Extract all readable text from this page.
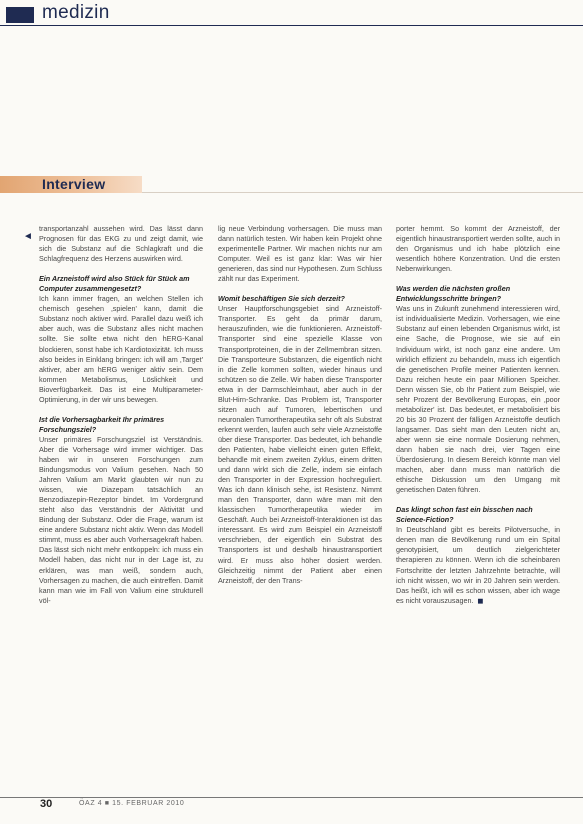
medizin
Interview
◄

transportanzahl aussehen wird. Das lässt dann Prognosen für das EKG zu und zeigt damit, wie sich die Substanz auf die Schlagkraft und die Schlagfrequenz des Herzens auswirken wird.

Ein Arzneistoff wird also Stück für Stück am Computer zusammengesetzt?

Ich kann immer fragen, an welchen Stellen ich chemisch gesehen ‚spielen' kann, damit die Substanz noch aktiver wird. Parallel dazu weiß ich aber auch, was die Substanz alles nicht machen sollte. Sie sollte etwa nicht den hERG-Kanal blockieren, sonst habe ich Kardiotoxizität. Ich muss also beides in Einklang bringen: ich will am ‚Target' aktiver, aber am hERG weniger aktiv sein. Dem kommen Metabolismus, Löslichkeit und Bioverfügbarkeit. Das ist eine Multiparameter-Optimierung, in der wir uns bewegen.

Ist die Vorhersagbarkeit Ihr primäres Forschungsziel?

Unser primäres Forschungsziel ist Verständnis. Aber die Vorhersage wird immer wichtiger. Das haben wir in unseren Forschungen zum Bindungsmodus von Valium gesehen. Nach 50 Jahren Valium am Markt glaubten wir nun zu wissen, wie Diazepam tatsächlich an Benzodiazepin-Rezeptor bindet. Im Vordergrund steht also das Verständnis der Aktivität und Bindung der Substanz. Oder die Frage, warum ist eine andere Substanz nicht aktiv. Wenn das Modell stimmt, muss es aber auch Vorhersagekraft haben. Das lässt sich nicht mehr entkoppeln: ich muss ein Modell haben, das nicht nur in der Lage ist, zu erklären, was man weiß, sondern auch, Vorhersagen zu machen, die auch eintreffen. Damit kann man wie im Fall von Valium eine strukturell völ-

lig neue Verbindung vorhersagen. Die muss man dann natürlich testen. Wir haben kein Projekt ohne experimentelle Partner. Wir machen nichts nur am Computer. Weil es ist ganz klar: Was wir hier generieren, das sind nur Hypothesen. Zum Schluss zählt nur das Experiment.

Womit beschäftigen Sie sich derzeit?

Unser Hauptforschungsgebiet sind Arzneistoff-Transporter. Es geht da primär darum, herauszufinden, wie die funktionieren. Arzneistoff-Transporter sind eine spezielle Klasse von Transportproteinen, die in der Zellmembran sitzen. Die Transporteure Substanzen, die eigentlich nicht in die Zelle kommen sollten, wieder hinaus und schützen so die Zelle. Wir haben diese Transporter etwa in der Darmschleimhaut, aber auch in der Blut-Hirn-Schranke. Das Problem ist, Transporter sitzen auch auf Tumoren, lebertischen und neuronalen Tumortherapeutika sehr oft als Substrat erkennt werden, laufen auch sehr viele Arzneistoffe über diese Transporter. Das bedeutet, ich behandle den Patienten, habe vielleicht einen guten Effekt, behandle mit einem zweiten Zyklus, einem dritten und dann wirkt sich die Zelle, indem sie einfach den Transporter in der Expression hochreguliert. Was ich dann klinisch sehe, ist Resistenz. Nimmt man den Transporter, dann wäre man mit den klassischen Tumortherapeutika wieder im Geschäft. Auch bei Arzneistoff-Interaktionen ist das interessant. Es wird zum Beispiel ein Arzneistoff verschrieben, der eigentlich ein Substrat des Transporters ist und deshalb hinaustransportiert wird. Er muss also höher dosiert werden. Gleichzeitig nimmt der Patient aber einen Arzneistoff, der den Trans-

porter hemmt. So kommt der Arzneistoff, der eigentlich hinaustransportiert werden sollte, auch in den Organismus und ich habe plötzlich eine wesentlich höhere Konzentration. Und die ersten Nebenwirkungen.

Was werden die nächsten großen Entwicklungsschritte bringen?

Was uns in Zukunft zunehmend interessieren wird, ist individualisierte Medizin. Vorhersagen, wie eine Substanz auf einen lebenden Organismus wirkt, ist eine Sache, die Prognose, wie sie auf ein Individuum wirkt, ist noch ganz eine andere. Um wirklich effizient zu behandeln, muss ich eigentlich die genetischen Profile meiner Patienten kennen. Dazu reichen heute ein paar Millionen Speicher. Denn wissen Sie, ob Ihr Patient zum Beispiel, wie sehr Prozent der Bevölkerung Europas, ein ‚poor metabolizer' ist. Das bedeutet, er metabolisiert bis 20 bis 30 Prozent der fälligen Arzneistoffe deutlich langsamer. Das sieht man den Leuten nicht an, aber wenn sie eine normale Dosierung nehmen, dann haben sie nach drei, vier Tagen eine Überdosierung. In diesem Bereich könnte man viel machen, aber dann muss man natürlich die ethische Diskussion um den Umgang mit genetischen Daten führen.

Das klingt schon fast ein bisschen nach Science-Fiction?

In Deutschland gibt es bereits Pilotversuche, in denen man die Bevölkerung rund um ein Spital genotypisiert, um deutlich zielgerichteter therapieren zu können. Wenn ich die scheinbaren Fortschritte der letzten Jahrzehnte betrachte, will ich nicht wissen, wo wir in 20 Jahren sein werden. Das heißt, ich will es schon wissen, aber ich wage es nicht vorauszusagen. ◼

30	ÖAZ 4 ■ 15. FEBRUAR 2010
